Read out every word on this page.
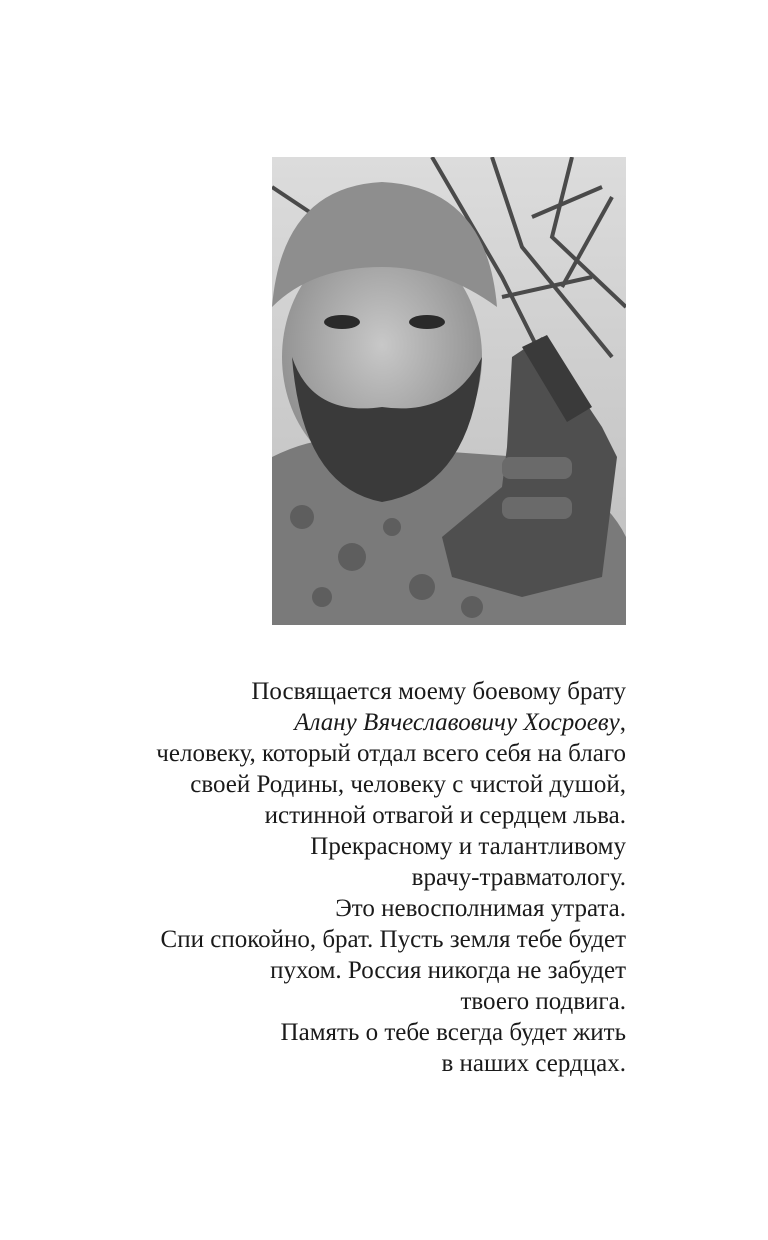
Посвящается моему боевому брату
Алану Вячеславовичу Хосроеву,
человеку, который отдал всего себя на благо
своей Родины, человеку с чистой душой,
истинной отвагой и сердцем льва.
Прекрасному и талантливому
врачу-травматологу.
Это невосполнимая утрата.
Спи спокойно, брат. Пусть земля тебе будет
пухом. Россия никогда не забудет
твоего подвига.
Память о тебе всегда будет жить
в наших сердцах.
